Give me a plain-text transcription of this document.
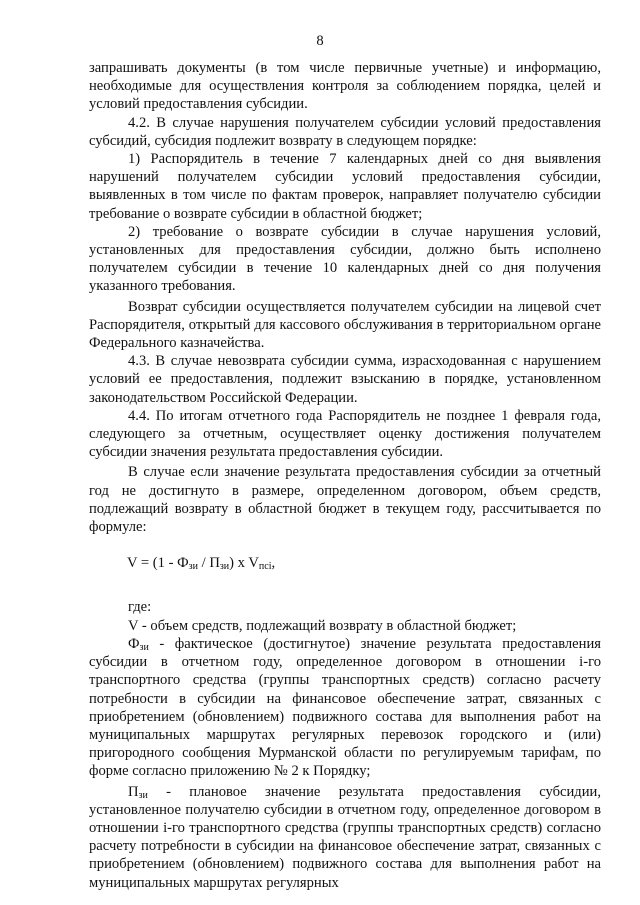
8

запрашивать документы (в том числе первичные учетные) и информацию, необходимые для осуществления контроля за соблюдением порядка, целей и условий предоставления субсидии.

4.2. В случае нарушения получателем субсидии условий предоставления субсидий, субсидия подлежит возврату в следующем порядке:

1) Распорядитель в течение 7 календарных дней со дня выявления нарушений получателем субсидии условий предоставления субсидии, выявленных в том числе по фактам проверок, направляет получателю субсидии требование о возврате субсидии в областной бюджет;

2) требование о возврате субсидии в случае нарушения условий, установленных для предоставления субсидии, должно быть исполнено получателем субсидии в течение 10 календарных дней со дня получения указанного требования.

Возврат субсидии осуществляется получателем субсидии на лицевой счет Распорядителя, открытый для кассового обслуживания в территориальном органе Федерального казначейства.

4.3. В случае невозврата субсидии сумма, израсходованная с нарушением условий ее предоставления, подлежит взысканию в порядке, установленном законодательством Российской Федерации.

4.4. По итогам отчетного года Распорядитель не позднее 1 февраля года, следующего за отчетным, осуществляет оценку достижения получателем субсидии значения результата предоставления субсидии.

В случае если значение результата предоставления субсидии за отчетный год не достигнуто в размере, определенном договором, объем средств, подлежащий возврату в областной бюджет в текущем году, рассчитывается по формуле:

$V = (1 - Ф_{зи} / П_{зи})$ x $V_{псi}$,

где:

V - объем средств, подлежащий возврату в областной бюджет;

$Ф_{зи}$ - фактическое (достигнутое) значение результата предоставления субсидии в отчетном году, определенное договором в отношении i-го транспортного средства (группы транспортных средств) согласно расчету потребности в субсидии на финансовое обеспечение затрат, связанных с приобретением (обновлением) подвижного состава для выполнения работ на муниципальных маршрутах регулярных перевозок городского и (или) пригородного сообщения Мурманской области по регулируемым тарифам, по форме согласно приложению № 2 к Порядку;

$П_{зи}$ - плановое значение результата предоставления субсидии, установленное получателю субсидии в отчетном году, определенное договором в отношении i-го транспортного средства (группы транспортных средств) согласно расчету потребности в субсидии на финансовое обеспечение затрат, связанных с приобретением (обновлением) подвижного состава для выполнения работ на муниципальных маршрутах регулярных
